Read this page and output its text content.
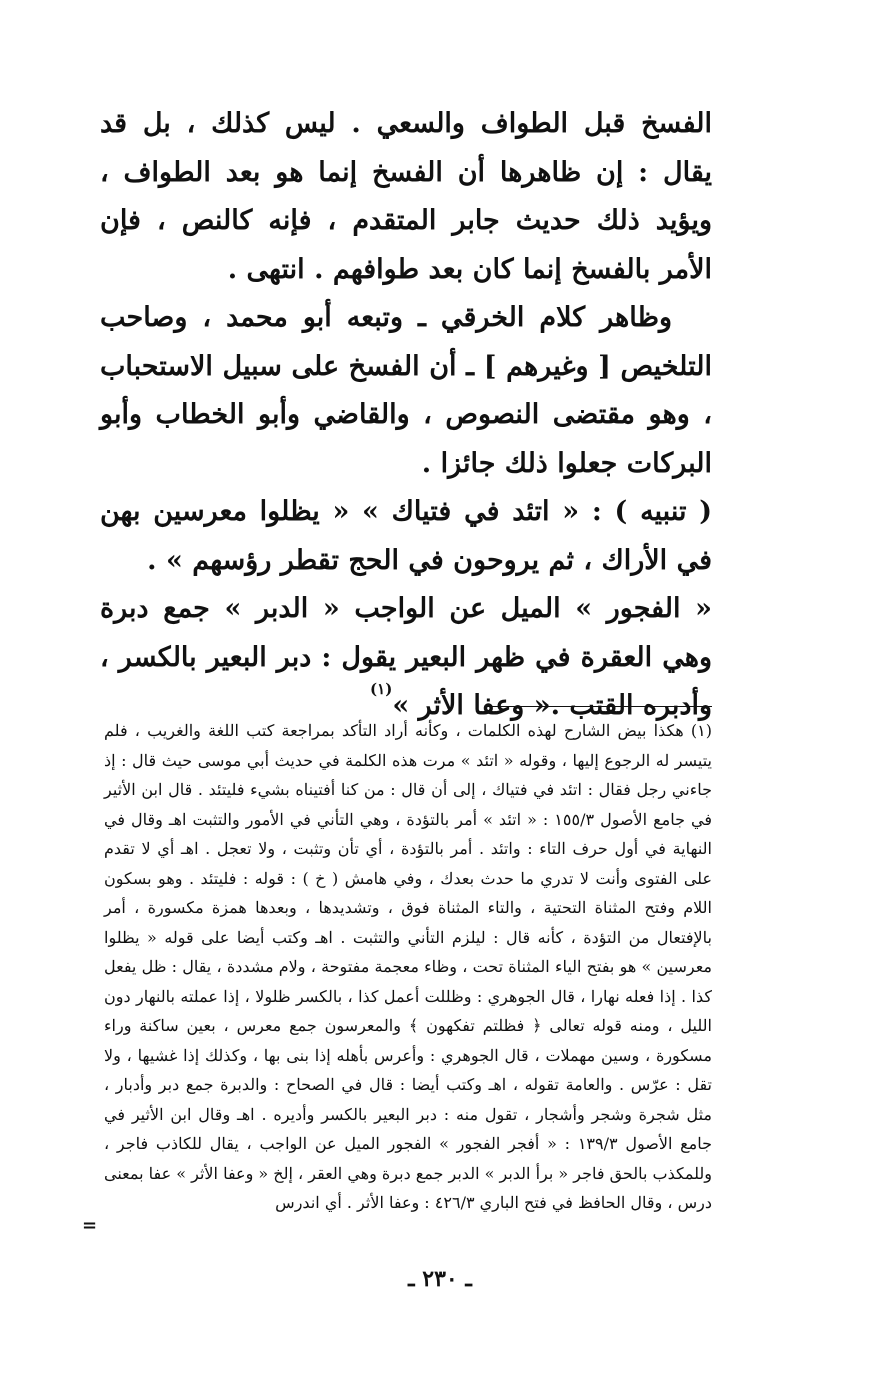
الفسخ قبل الطواف والسعي . ليس كذلك ، بل قد يقال : إن ظاهرها أن الفسخ إنما هو بعد الطواف ، ويؤيد ذلك حديث جابر المتقدم ، فإنه كالنص ، فإن الأمر بالفسخ إنما كان بعد طوافهم . انتهى .

وظاهر كلام الخرقي ـ وتبعه أبو محمد ، وصاحب التلخيص [ وغيرهم ] ـ أن الفسخ على سبيل الاستحباب ، وهو مقتضى النصوص ، والقاضي وأبو الخطاب وأبو البركات جعلوا ذلك جائزا .

( تنبيه ) : « اتئد في فتياك » « يظلوا معرسين بهن في الأراك ، ثم يروحون في الحج تقطر رؤسهم » .

« الفجور » الميل عن الواجب « الدبر » جمع دبرة وهي العقرة في ظهر البعير يقول : دبر البعير بالكسر ، وأدبره القتب .« وعفا الأثر »$^{(١)}$

(١) هكذا بيض الشارح لهذه الكلمات ، وكأنه أراد التأكد بمراجعة كتب اللغة والغريب ، فلم يتيسر له الرجوع إليها ، وقوله « اتئد » مرت هذه الكلمة في حديث أبي موسى حيث قال : إذ جاءني رجل فقال : اتئد في فتياك ، إلى أن قال : من كنا أفتيناه بشيء فليتئد . قال ابن الأثير في جامع الأصول ١٥٥/٣ : « اتئد » أمر بالتؤدة ، وهي التأني في الأمور والتثبت اهـ وقال في النهاية في أول حرف التاء : واتئد . أمر بالتؤدة ، أي تأن وتثبت ، ولا تعجل . اهـ أي لا تقدم على الفتوى وأنت لا تدري ما حدث بعدك ، وفي هامش ( خ ) : قوله : فليتئد . وهو بسكون اللام وفتح المثناة التحتية ، والتاء المثناة فوق ، وتشديدها ، وبعدها همزة مكسورة ، أمر بالإفتعال من التؤدة ، كأنه قال : ليلزم التأني والتثبت . اهـ وكتب أيضا على قوله « يظلوا معرسين » هو بفتح الياء المثناة تحت ، وظاء معجمة مفتوحة ، ولام مشددة ، يقال : ظل يفعل كذا . إذا فعله نهارا ، قال الجوهري : وظللت أعمل كذا ، بالكسر ظلولا ، إذا عملته بالنهار دون الليل ، ومنه قوله تعالى ﴿ فظلتم تفكهون ﴾ والمعرسون جمع معرس ، بعين ساكنة وراء مسكورة ، وسين مهملات ، قال الجوهري : وأعرس بأهله إذا بنى بها ، وكذلك إذا غشيها ، ولا تقل : عرّس . والعامة تقوله ، اهـ وكتب أيضا : قال في الصحاح : والدبرة جمع دبر وأدبار ، مثل شجرة وشجر وأشجار ، تقول منه : دبر البعير بالكسر وأديره . اهـ وقال ابن الأثير في جامع الأصول ١٣٩/٣ : « أفجر الفجور » الفجور الميل عن الواجب ، يقال للكاذب فاجر ، وللمكذب بالحق فاجر « برأ الدبر » الدبر جمع دبرة وهي العقر ، إلخ « وعفا الأثر » عفا بمعنى درس ، وقال الحافظ في فتح الباري ٤٢٦/٣ : وعفا الأثر . أي اندرس

=
ـ ٢٣٠ ـ
